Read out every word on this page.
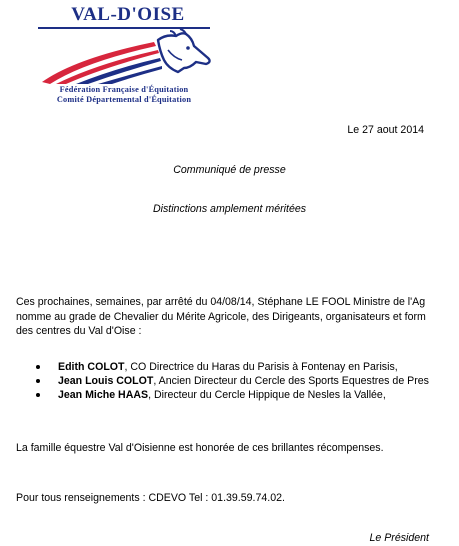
VAL-D'OISE
Fédération Française d'Équitation
Comité Départemental d'Équitation
Le 27 aout 2014
Communiqué de presse
Distinctions amplement méritées
Ces prochaines, semaines, par arrêté du 04/08/14, Stéphane LE FOOL Ministre de l'Ag
nomme au grade de Chevalier du Mérite Agricole, des Dirigeants, organisateurs et form
des centres du Val d'Oise :
Edith COLOT, CO Directrice du Haras du Parisis à Fontenay en Parisis,
Jean Louis COLOT, Ancien Directeur du Cercle des Sports Equestres de Pres
Jean Miche HAAS, Directeur du Cercle Hippique de Nesles la Vallée,
La famille équestre Val d'Oisienne est honorée de ces brillantes récompenses.
Pour tous renseignements : CDEVO Tel : 01.39.59.74.02.
Le Président
